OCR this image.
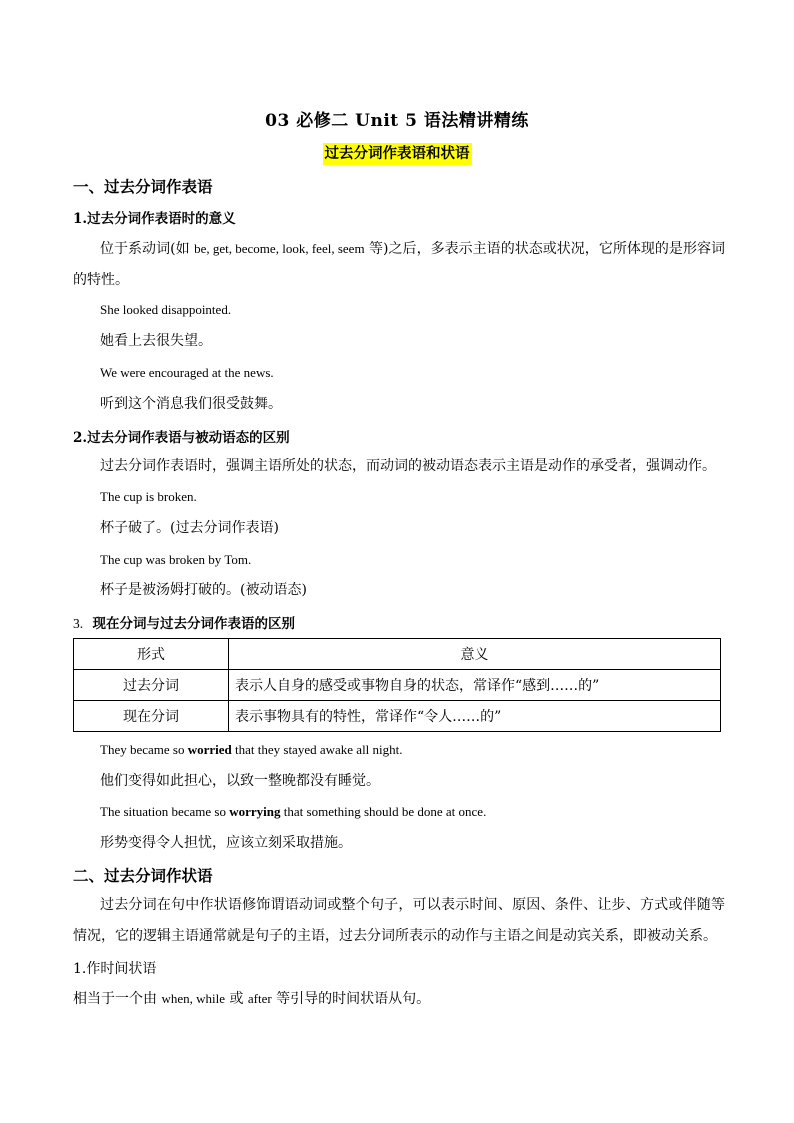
03 必修二 Unit 5 语法精讲精练
过去分词作表语和状语
一、过去分词作表语
1.过去分词作表语时的意义
位于系动词(如 be, get, become, look, feel, seem 等)之后，多表示主语的状态或状况，它所体现的是形容词的特性。
She looked disappointed.
她看上去很失望。
We were encouraged at the news.
听到这个消息我们很受鼓舞。
2.过去分词作表语与被动语态的区别
过去分词作表语时，强调主语所处的状态，而动词的被动语态表示主语是动作的承受者，强调动作。
The cup is broken.
杯子破了。(过去分词作表语)
The cup was broken by Tom.
杯子是被汤姆打破的。(被动语态)
3. 现在分词与过去分词作表语的区别
形式	意义
过去分词	表示人自身的感受或事物自身的状态，常译作“感到……的”
现在分词	表示事物具有的特性，常译作“令人……的”
They became so worried that they stayed awake all night.
他们变得如此担心，以致一整晚都没有睡觉。
The situation became so worrying that something should be done at once.
形势变得令人担忧，应该立刻采取措施。
二、过去分词作状语
过去分词在句中作状语修饰谓语动词或整个句子，可以表示时间、原因、条件、让步、方式或伴随等情况，它的逻辑主语通常就是句子的主语，过去分词所表示的动作与主语之间是动宾关系，即被动关系。
1.作时间状语
相当于一个由 when, while 或 after 等引导的时间状语从句。
